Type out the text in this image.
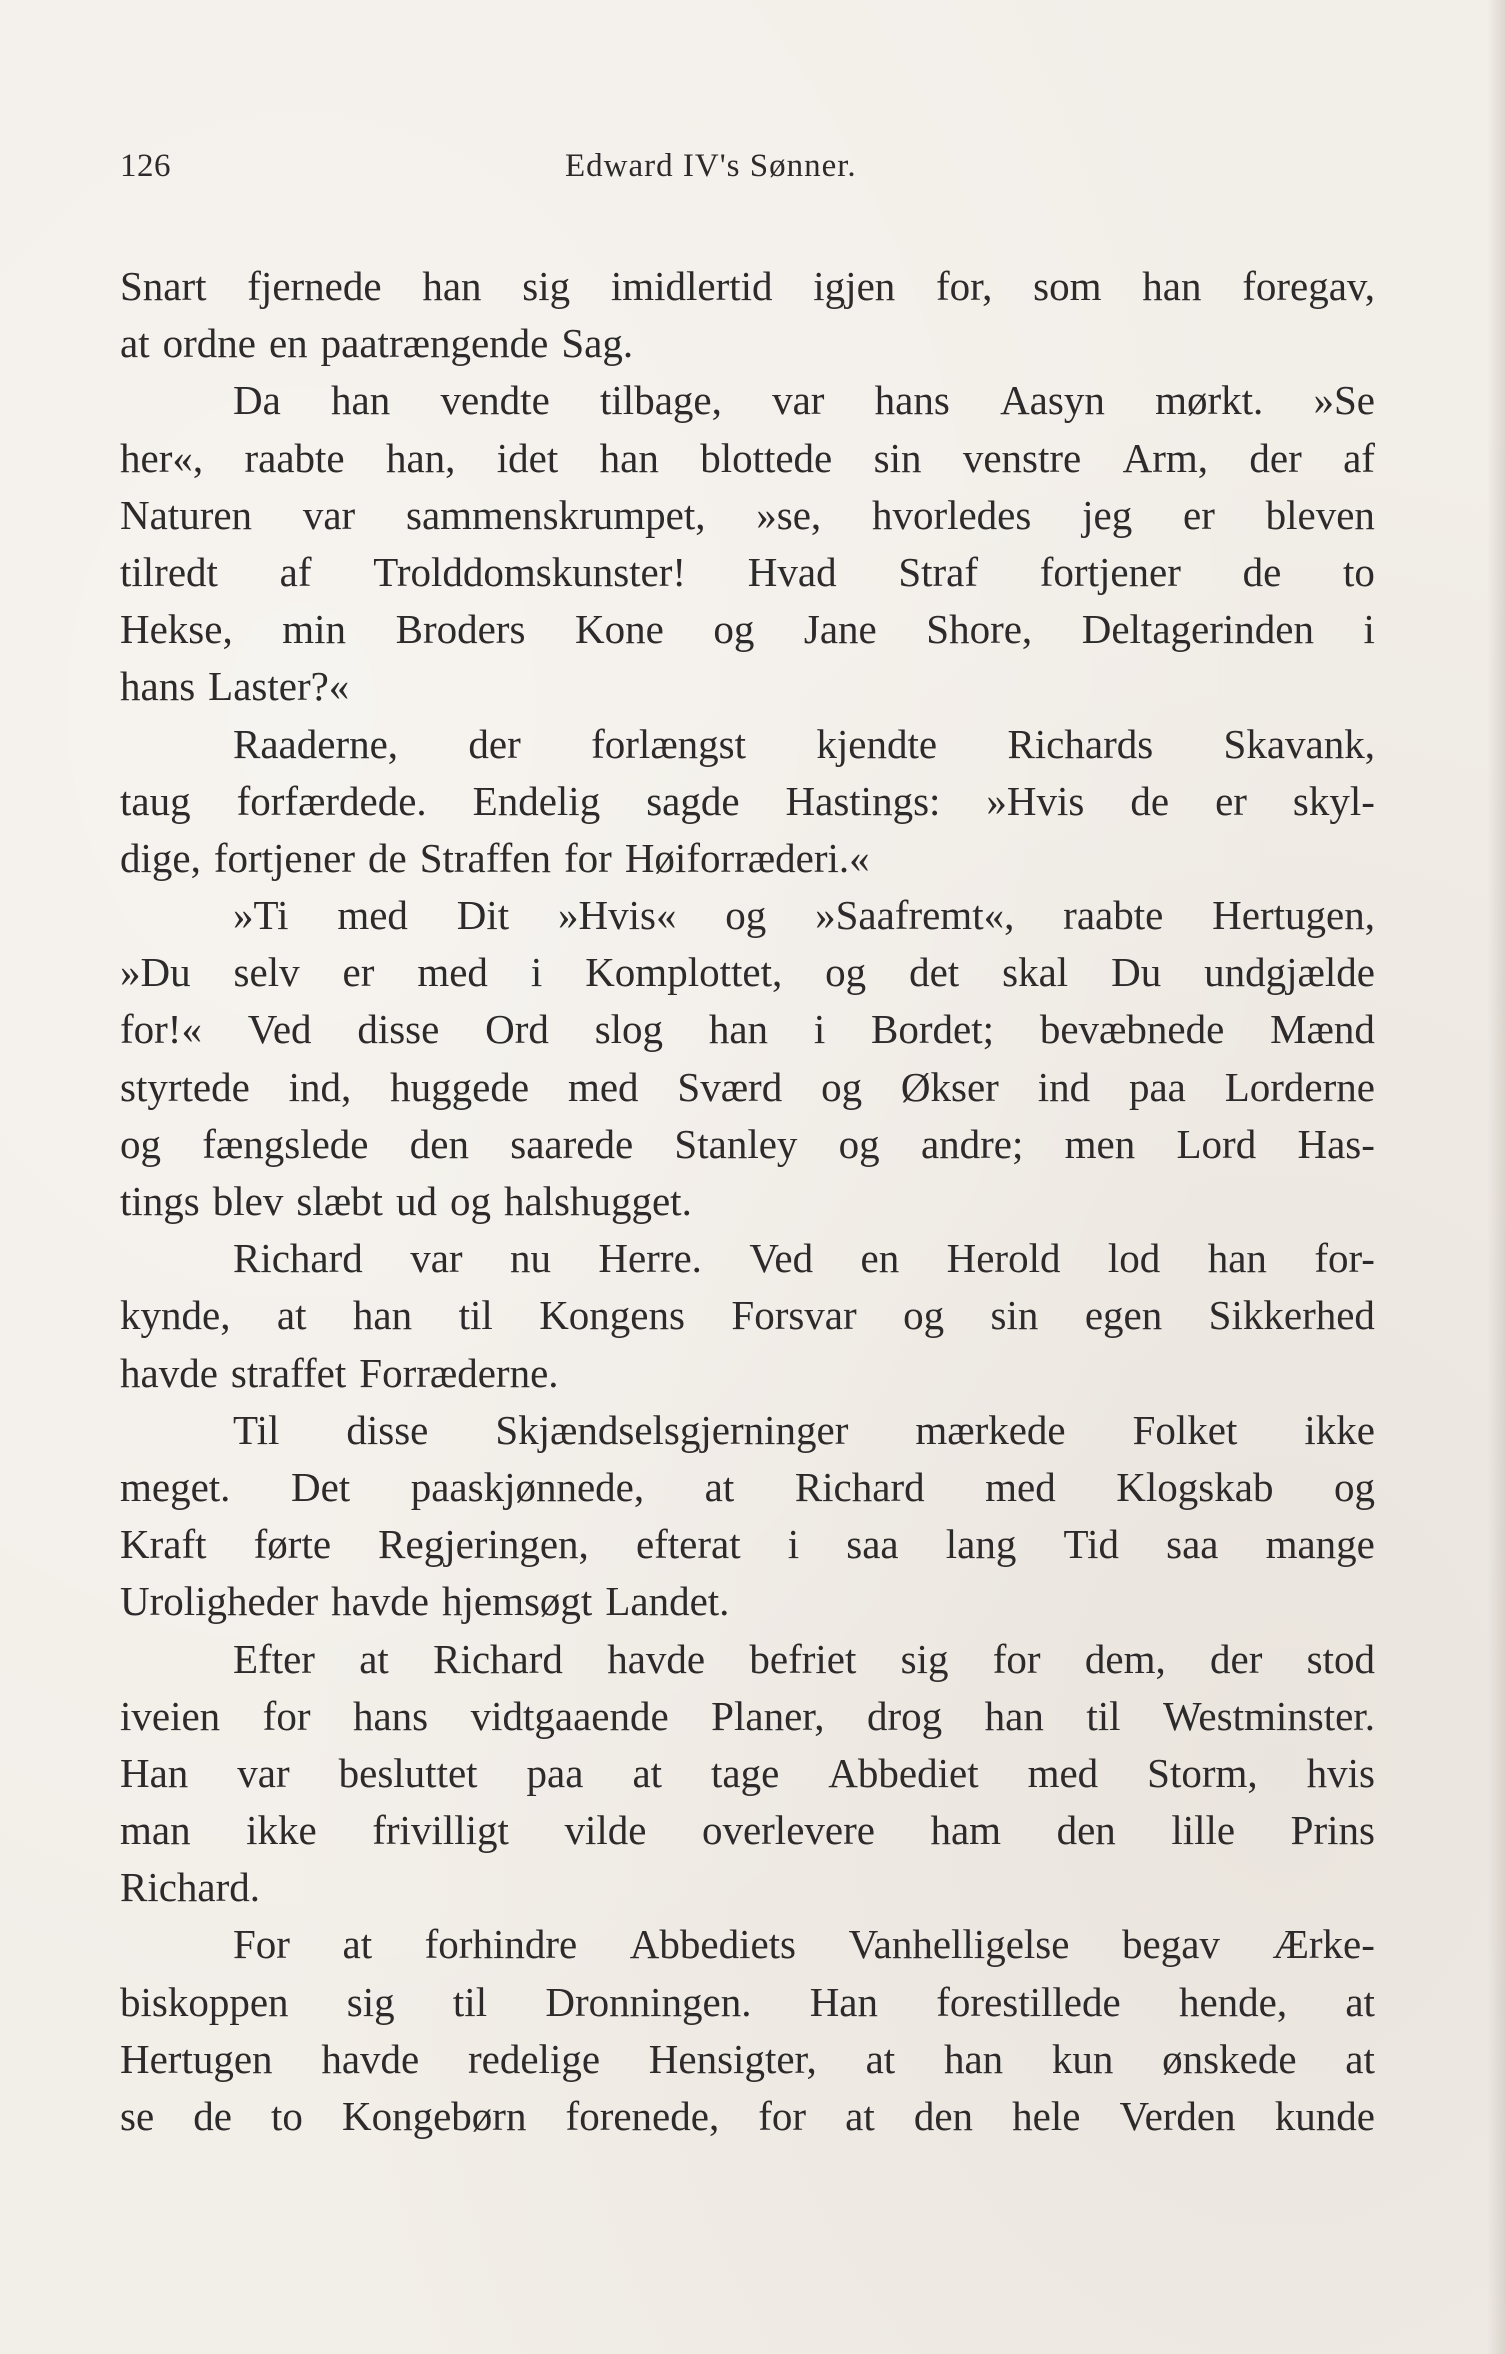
126	Edward IV's Sønner.
Snart fjernede han sig imidlertid igjen for, som han foregav,
at ordne en paatrængende Sag.
Da han vendte tilbage, var hans Aasyn mørkt. »Se
her«, raabte han, idet han blottede sin venstre Arm, der af
Naturen var sammenskrumpet, »se, hvorledes jeg er bleven
tilredt af Trolddomskunster! Hvad Straf fortjener de to
Hekse, min Broders Kone og Jane Shore, Deltagerinden i
hans Laster?«
Raaderne, der forlængst kjendte Richards Skavank,
taug forfærdede. Endelig sagde Hastings: »Hvis de er skyl-
dige, fortjener de Straffen for Høiforræderi.«
»Ti med Dit »Hvis« og »Saafremt«, raabte Hertugen,
»Du selv er med i Komplottet, og det skal Du undgjælde
for!« Ved disse Ord slog han i Bordet; bevæbnede Mænd
styrtede ind, huggede med Sværd og Økser ind paa Lorderne
og fængslede den saarede Stanley og andre; men Lord Has-
tings blev slæbt ud og halshugget.
Richard var nu Herre. Ved en Herold lod han for-
kynde, at han til Kongens Forsvar og sin egen Sikkerhed
havde straffet Forræderne.
Til disse Skjændselsgjerninger mærkede Folket ikke
meget. Det paaskjønnede, at Richard med Klogskab og
Kraft førte Regjeringen, efterat i saa lang Tid saa mange
Uroligheder havde hjemsøgt Landet.
Efter at Richard havde befriet sig for dem, der stod
iveien for hans vidtgaaende Planer, drog han til Westminster.
Han var besluttet paa at tage Abbediet med Storm, hvis
man ikke frivilligt vilde overlevere ham den lille Prins
Richard.
For at forhindre Abbediets Vanhelligelse begav Ærke-
biskoppen sig til Dronningen. Han forestillede hende, at
Hertugen havde redelige Hensigter, at han kun ønskede at
se de to Kongebørn forenede, for at den hele Verden kunde
